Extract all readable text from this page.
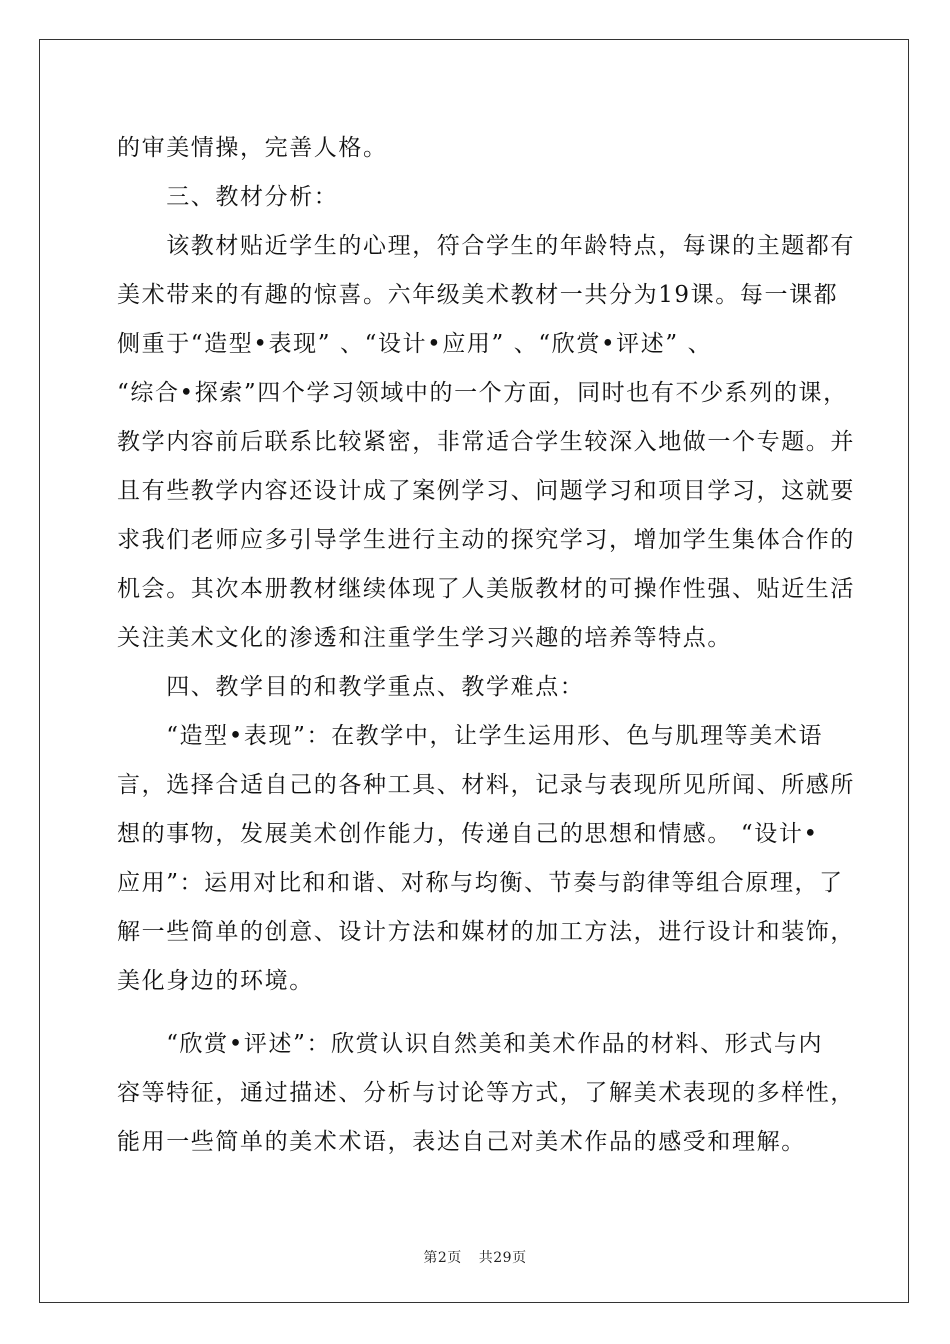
的审美情操，完善人格。
　　三、教材分析：
　　该教材贴近学生的心理，符合学生的年龄特点，每课的主题都有
美术带来的有趣的惊喜。六年级美术教材一共分为19课。每一课都
侧重于“造型•表现” 、“设计•应用” 、“欣赏•评述” 、
“综合•探索”四个学习领域中的一个方面，同时也有不少系列的课，
教学内容前后联系比较紧密，非常适合学生较深入地做一个专题。并
且有些教学内容还设计成了案例学习、问题学习和项目学习，这就要
求我们老师应多引导学生进行主动的探究学习，增加学生集体合作的
机会。其次本册教材继续体现了人美版教材的可操作性强、贴近生活
关注美术文化的渗透和注重学生学习兴趣的培养等特点。
　　四、教学目的和教学重点、教学难点：
　　“造型•表现”：在教学中，让学生运用形、色与肌理等美术语
言，选择合适自己的各种工具、材料，记录与表现所见所闻、所感所
想的事物，发展美术创作能力，传递自己的思想和情感。 “设计•
应用”：运用对比和和谐、对称与均衡、节奏与韵律等组合原理，了
解一些简单的创意、设计方法和媒材的加工方法，进行设计和装饰，
美化身边的环境。
　　“欣赏•评述”：欣赏认识自然美和美术作品的材料、形式与内
容等特征，通过描述、分析与讨论等方式，了解美术表现的多样性，
能用一些简单的美术术语，表达自己对美术作品的感受和理解。
第2页 共29页
